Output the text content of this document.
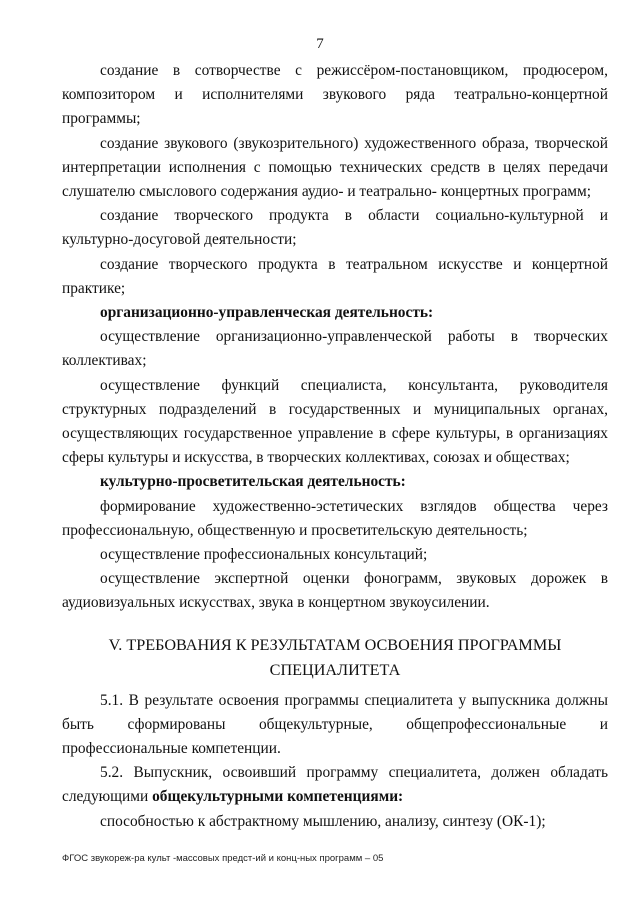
7

создание в сотворчестве с режиссёром-постановщиком, продюсером, композитором и исполнителями звукового ряда театрально-концертной программы;

создание звукового (звукозрительного) художественного образа, творческой интерпретации исполнения с помощью технических средств в целях передачи слушателю смыслового содержания аудио- и театрально- концертных программ;

создание творческого продукта в области социально-культурной и культурно-досуговой деятельности;

создание творческого продукта в театральном искусстве и концертной практике;

организационно-управленческая деятельность:

осуществление организационно-управленческой работы в творческих коллективах;

осуществление функций специалиста, консультанта, руководителя структурных подразделений в государственных и муниципальных органах, осуществляющих государственное управление в сфере культуры, в организациях сферы культуры и искусства, в творческих коллективах, союзах и обществах;

культурно-просветительская деятельность:

формирование художественно-эстетических взглядов общества через профессиональную, общественную и просветительскую деятельность;

осуществление профессиональных консультаций;

осуществление экспертной оценки фонограмм, звуковых дорожек в аудиовизуальных искусствах, звука в концертном звукоусилении.

V. ТРЕБОВАНИЯ К РЕЗУЛЬТАТАМ ОСВОЕНИЯ ПРОГРАММЫ
СПЕЦИАЛИТЕТА

5.1. В результате освоения программы специалитета у выпускника должны быть сформированы общекультурные, общепрофессиональные и профессиональные компетенции.

5.2. Выпускник, освоивший программу специалитета, должен обладать следующими общекультурными компетенциями:

способностью к абстрактному мышлению, анализу, синтезу (ОК-1);

ФГОС звукореж-ра культ -массовых предст-ий и конц-ных программ – 05
